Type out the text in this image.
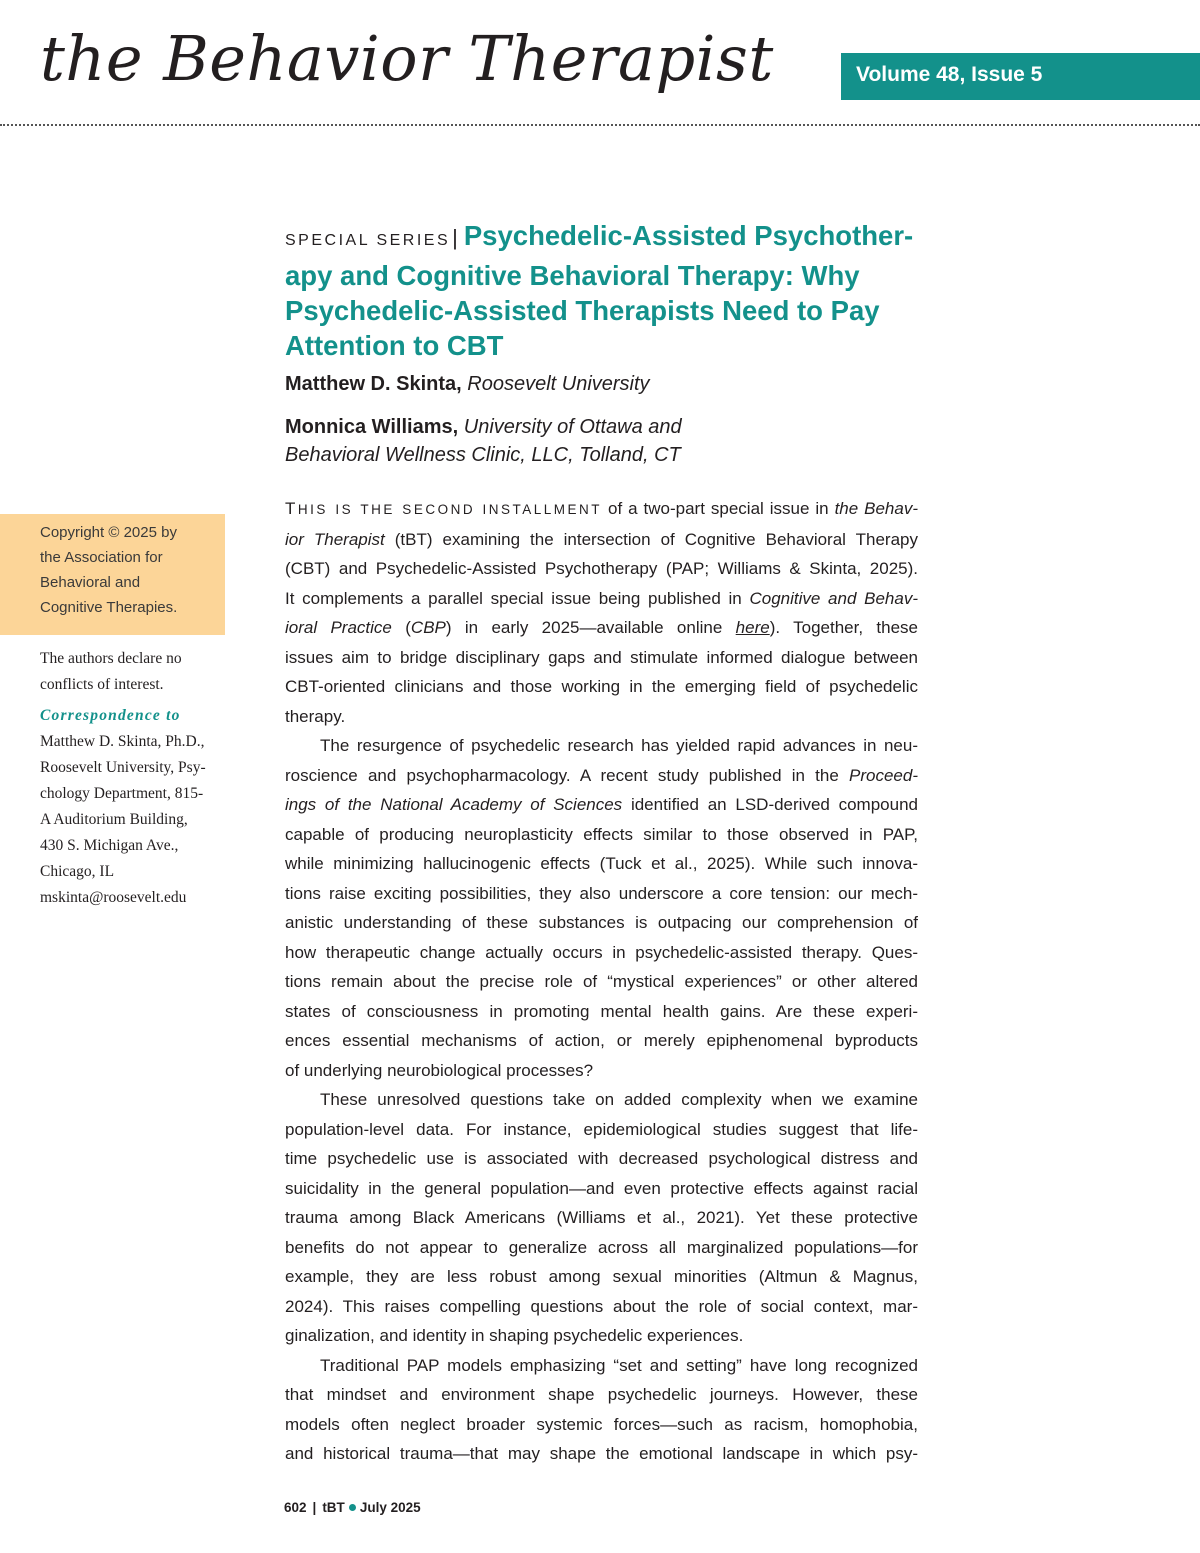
the Behavior Therapist	Volume 48, Issue 5

SPECIAL SERIES| Psychedelic-Assisted Psychother-

apy and Cognitive Behavioral Therapy: Why

Psychedelic-Assisted Therapists Need to Pay

Attention to CBT

Matthew D. Skinta, Roosevelt University
Monnica Williams, University of Ottawa and
Behavioral Wellness Clinic, LLC, Tolland, CT

THIS IS THE SECOND INSTALLMENT of a two-part special issue in the Behav-

ior Therapist (tBT) examining the intersection of Cognitive Behavioral Therapy

(CBT) and Psychedelic-Assisted Psychotherapy (PAP; Williams & Skinta, 2025).

It complements a parallel special issue being published in Cognitive and Behav-

ioral Practice (CBP) in early 2025—available online here). Together, these

issues aim to bridge disciplinary gaps and stimulate informed dialogue between

CBT-oriented clinicians and those working in the emerging field of psychedelic

therapy.

The resurgence of psychedelic research has yielded rapid advances in neu-

roscience and psychopharmacology. A recent study published in the Proceed-

ings of the National Academy of Sciences identified an LSD-derived compound

capable of producing neuroplasticity effects similar to those observed in PAP,

while minimizing hallucinogenic effects (Tuck et al., 2025). While such innova-

tions raise exciting possibilities, they also underscore a core tension: our mech-

anistic understanding of these substances is outpacing our comprehension of

how therapeutic change actually occurs in psychedelic-assisted therapy. Ques-

tions remain about the precise role of “mystical experiences” or other altered

states of consciousness in promoting mental health gains. Are these experi-

ences essential mechanisms of action, or merely epiphenomenal byproducts

of underlying neurobiological processes?

These unresolved questions take on added complexity when we examine

population-level data. For instance, epidemiological studies suggest that life-

time psychedelic use is associated with decreased psychological distress and

suicidality in the general population—and even protective effects against racial

trauma among Black Americans (Williams et al., 2021). Yet these protective

benefits do not appear to generalize across all marginalized populations—for

example, they are less robust among sexual minorities (Altmun & Magnus,

2024). This raises compelling questions about the role of social context, mar-

ginalization, and identity in shaping psychedelic experiences.

Traditional PAP models emphasizing “set and setting” have long recognized

that mindset and environment shape psychedelic journeys. However, these

models often neglect broader systemic forces—such as racism, homophobia,

and historical trauma—that may shape the emotional landscape in which psy-

Copyright © 2025 by
the Association for
Behavioral and
Cognitive Therapies.
The authors declare no
conflicts of interest.
Correspondence to
Matthew D. Skinta, Ph.D.,
Roosevelt University, Psy-
chology Department, 815-
A Auditorium Building,
430 S. Michigan Ave.,
Chicago, IL
mskinta@roosevelt.edu
602 | tBT July 2025
